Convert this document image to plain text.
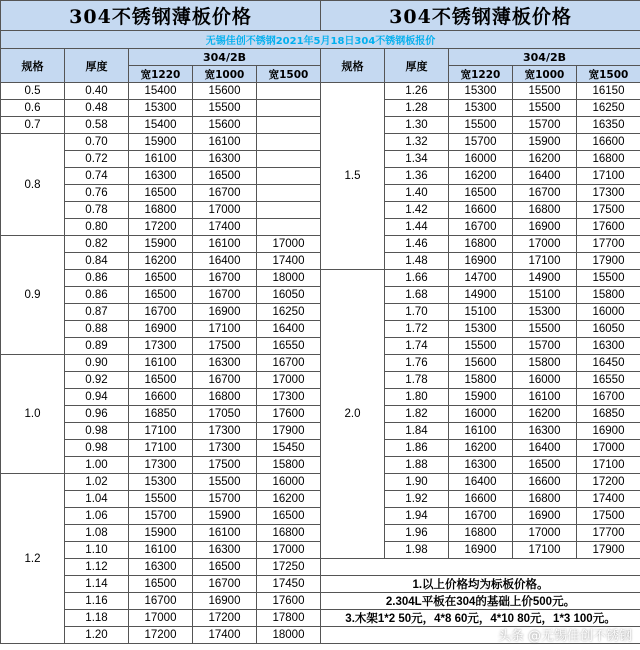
304不锈钢薄板价格					304不锈钢薄板价格				
无锡佳创不锈钢2021年5月18日304不锈钢板报价									
规格	厚度	304/2B			规格	厚度	304/2B		
		宽1220	宽1000	宽1500			宽1220	宽1000	宽1500
0.5	0.40	15400	15600		1.5	1.26	15300	15500	16150
0.6	0.48	15300	15500			1.28	15300	15500	16250
0.7	0.58	15400	15600			1.30	15500	15700	16350
0.8	0.70	15900	16100			1.32	15700	15900	16600
	0.72	16100	16300			1.34	16000	16200	16800
	0.74	16300	16500			1.36	16200	16400	17100
	0.76	16500	16700			1.40	16500	16700	17300
	0.78	16800	17000			1.42	16600	16800	17500
	0.80	17200	17400			1.44	16700	16900	17600
0.9	0.82	15900	16100	17000		1.46	16800	17000	17700
	0.84	16200	16400	17400		1.48	16900	17100	17900
	0.86	16500	16700	18000	2.0	1.66	14700	14900	15500
	0.86	16500	16700	16050		1.68	14900	15100	15800
	0.87	16700	16900	16250		1.70	15100	15300	16000
	0.88	16900	17100	16400		1.72	15300	15500	16050
	0.89	17300	17500	16550		1.74	15500	15700	16300
1.0	0.90	16100	16300	16700		1.76	15600	15800	16450
	0.92	16500	16700	17000		1.78	15800	16000	16550
	0.94	16600	16800	17300		1.80	15900	16100	16700
	0.96	16850	17050	17600		1.82	16000	16200	16850
	0.98	17100	17300	17900		1.84	16100	16300	16900
	0.98	17100	17300	15450		1.86	16200	16400	17000
	1.00	17300	17500	15800		1.88	16300	16500	17100
1.2	1.02	15300	15500	16000		1.90	16400	16600	17200
	1.04	15500	15700	16200		1.92	16600	16800	17400
	1.06	15700	15900	16500		1.94	16700	16900	17500
	1.08	15900	16100	16800		1.96	16800	17000	17700
	1.10	16100	16300	17000		1.98	16900	17100	17900
	1.12	16300	16500	17250					
	1.14	16500	16700	17450	1.以上价格均为标板价格。				
	1.16	16700	16900	17600	2.304L平板在304的基础上价500元。				
	1.18	17000	17200	17800	3.木架1*2 50元，4*8 60元，4*10 80元，1*3 100元。				
	1.20	17200	17400	18000						头条 @无锡佳创不锈钢
